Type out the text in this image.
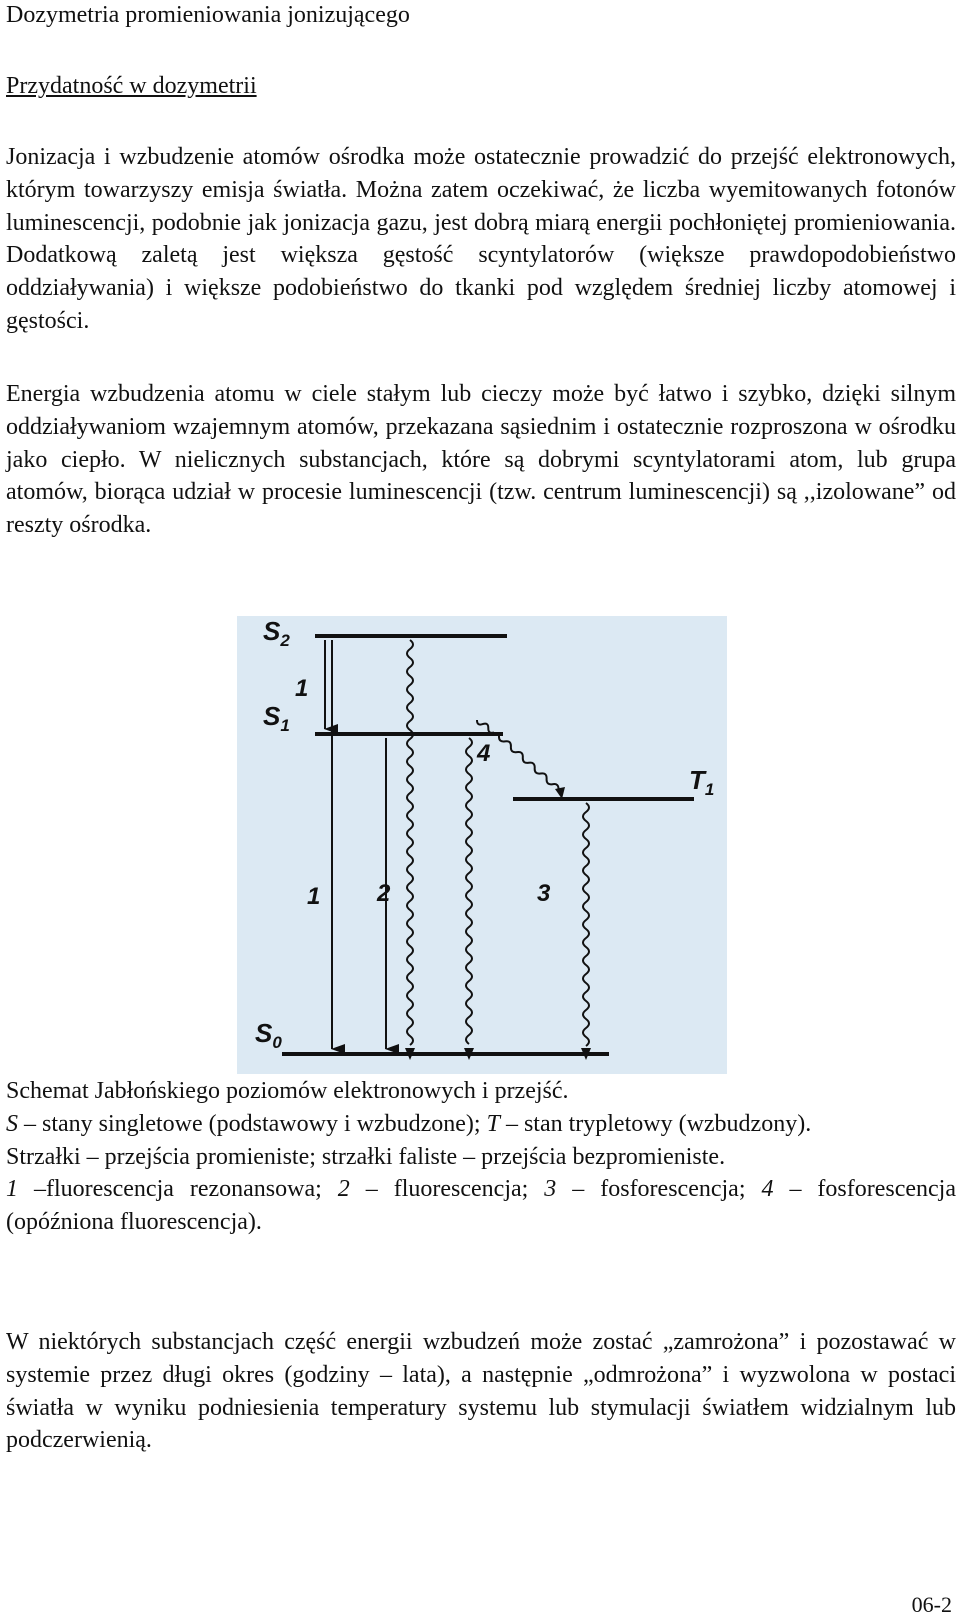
Dozymetria promieniowania jonizującego
Przydatność w dozymetrii

Jonizacja i wzbudzenie atomów ośrodka może ostatecznie prowadzić do przejść elektronowych, którym towarzyszy emisja światła. Można zatem oczekiwać, że liczba wyemitowanych fotonów luminescencji, podobnie jak jonizacja gazu, jest dobrą miarą energii pochłoniętej promieniowania. Dodatkową zaletą jest większa gęstość scyntylatorów (większe prawdopodobieństwo oddziaływania) i większe podobieństwo do tkanki pod względem średniej liczby atomowej i gęstości.

Energia wzbudzenia atomu w ciele stałym lub cieczy może być łatwo i szybko, dzięki silnym oddziaływaniom wzajemnym atomów, przekazana sąsiednim i ostatecznie rozproszona w ośrodku jako ciepło. W nielicznych substancjach, które są dobrymi scyntylatorami atom, lub grupa atomów, biorąca udział w procesie luminescencji (tzw. centrum luminescencji) są ,,izolowane” od reszty ośrodka.

$S_2$
$S_1$
$T_1$
$S_0$
1
4
1 2	3

Schemat Jabłońskiego poziomów elektronowych i przejść.

S – stany singletowe (podstawowy i wzbudzone); T – stan trypletowy (wzbudzony).

Strzałki – przejścia promieniste; strzałki faliste – przejścia bezpromieniste.

1 –fluorescencja rezonansowa; 2 – fluorescencja; 3 – fosforescencja; 4 – fosforescencja (opóźniona fluorescencja).

W niektórych substancjach część energii wzbudzeń może zostać „zamrożona” i pozostawać w systemie przez długi okres (godziny – lata), a następnie „odmrożona” i wyzwolona w postaci światła w wyniku podniesienia temperatury systemu lub stymulacji światłem widzialnym lub podczerwienią.

06-2
